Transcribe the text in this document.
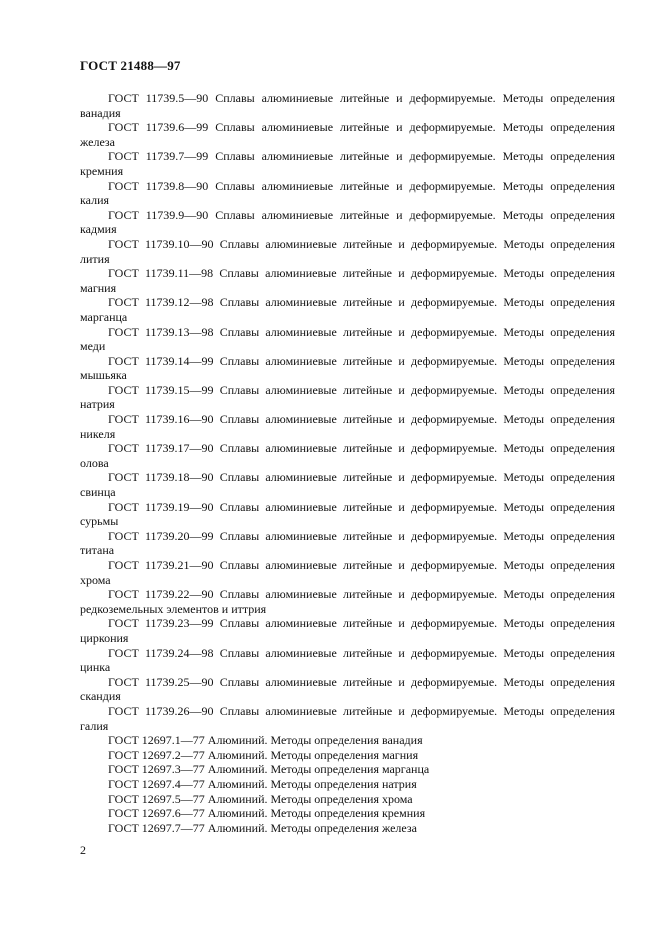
ГОСТ 21488—97
ГОСТ 11739.5—90 Сплавы алюминиевые литейные и деформируемые. Методы определения
ванадия
ГОСТ 11739.6—99 Сплавы алюминиевые литейные и деформируемые. Методы определения
железа
ГОСТ 11739.7—99 Сплавы алюминиевые литейные и деформируемые. Методы определения
кремния
ГОСТ 11739.8—90 Сплавы алюминиевые литейные и деформируемые. Методы определения
калия
ГОСТ 11739.9—90 Сплавы алюминиевые литейные и деформируемые. Методы определения
кадмия
ГОСТ 11739.10—90 Сплавы алюминиевые литейные и деформируемые. Методы определения
лития
ГОСТ 11739.11—98 Сплавы алюминиевые литейные и деформируемые. Методы определения
магния
ГОСТ 11739.12—98 Сплавы алюминиевые литейные и деформируемые. Методы определения
марганца
ГОСТ 11739.13—98 Сплавы алюминиевые литейные и деформируемые. Методы определения
меди
ГОСТ 11739.14—99 Сплавы алюминиевые литейные и деформируемые. Методы определения
мышьяка
ГОСТ 11739.15—99 Сплавы алюминиевые литейные и деформируемые. Методы определения
натрия
ГОСТ 11739.16—90 Сплавы алюминиевые литейные и деформируемые. Методы определения
никеля
ГОСТ 11739.17—90 Сплавы алюминиевые литейные и деформируемые. Методы определения
олова
ГОСТ 11739.18—90 Сплавы алюминиевые литейные и деформируемые. Методы определения
свинца
ГОСТ 11739.19—90 Сплавы алюминиевые литейные и деформируемые. Методы определения
сурьмы
ГОСТ 11739.20—99 Сплавы алюминиевые литейные и деформируемые. Методы определения
титана
ГОСТ 11739.21—90 Сплавы алюминиевые литейные и деформируемые. Методы определения
хрома
ГОСТ 11739.22—90 Сплавы алюминиевые литейные и деформируемые. Методы определения
редкоземельных элементов и иттрия
ГОСТ 11739.23—99 Сплавы алюминиевые литейные и деформируемые. Методы определения
циркония
ГОСТ 11739.24—98 Сплавы алюминиевые литейные и деформируемые. Методы определения
цинка
ГОСТ 11739.25—90 Сплавы алюминиевые литейные и деформируемые. Методы определения
скандия
ГОСТ 11739.26—90 Сплавы алюминиевые литейные и деформируемые. Методы определения
галия
ГОСТ 12697.1—77 Алюминий. Методы определения ванадия
ГОСТ 12697.2—77 Алюминий. Методы определения магния
ГОСТ 12697.3—77 Алюминий. Методы определения марганца
ГОСТ 12697.4—77 Алюминий. Методы определения натрия
ГОСТ 12697.5—77 Алюминий. Методы определения хрома
ГОСТ 12697.6—77 Алюминий. Методы определения кремния
ГОСТ 12697.7—77 Алюминий. Методы определения железа
2
